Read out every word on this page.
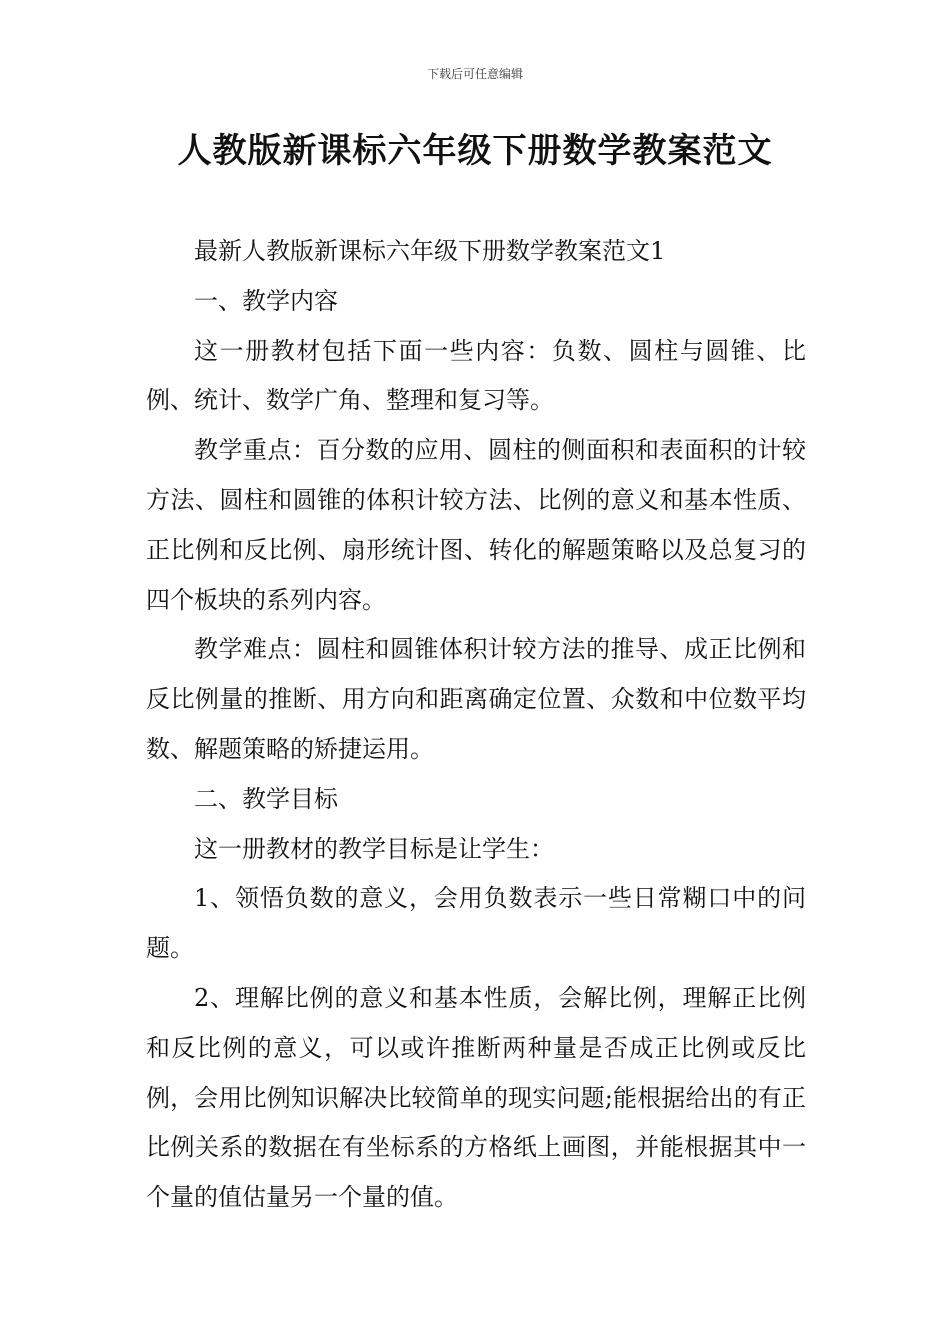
下载后可任意编辑
人教版新课标六年级下册数学教案范文

最新人教版新课标六年级下册数学教案范文1

一、教学内容

这一册教材包括下面一些内容：负数、圆柱与圆锥、比例、统计、数学广角、整理和复习等。

教学重点：百分数的应用、圆柱的侧面积和表面积的计较方法、圆柱和圆锥的体积计较方法、比例的意义和基本性质、正比例和反比例、扇形统计图、转化的解题策略以及总复习的四个板块的系列内容。

教学难点：圆柱和圆锥体积计较方法的推导、成正比例和反比例量的推断、用方向和距离确定位置、众数和中位数平均数、解题策略的矫捷运用。

二、教学目标

这一册教材的教学目标是让学生：

1、领悟负数的意义，会用负数表示一些日常糊口中的问题。

2、理解比例的意义和基本性质，会解比例，理解正比例和反比例的意义，可以或许推断两种量是否成正比例或反比例，会用比例知识解决比较简单的现实问题;能根据给出的有正比例关系的数据在有坐标系的方格纸上画图，并能根据其中一个量的值估量另一个量的值。
